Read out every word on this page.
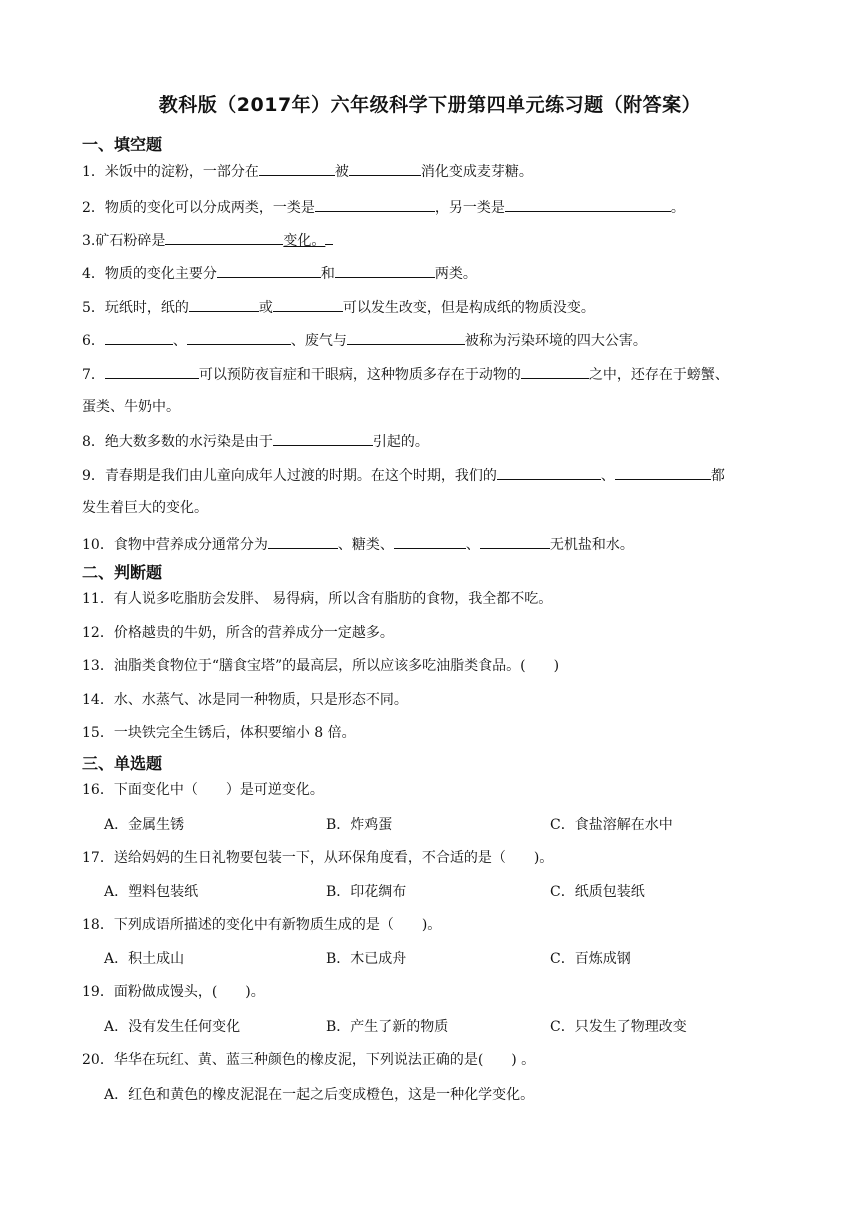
教科版（2017年）六年级科学下册第四单元练习题（附答案）
一、填空题
1．米饭中的淀粉，一部分在	被	消化变成麦芽糖。
2．物质的变化可以分成两类，一类是	，另一类是	。
3.矿石粉碎是	变化。
4．物质的变化主要分	和	两类。
5．玩纸时，纸的	或	可以发生改变，但是构成纸的物质没变。
6．	、	、废气与	被称为污染环境的四大公害。
7．	可以预防夜盲症和干眼病，这种物质多存在于动物的	之中，还存在于螃蟹、
蛋类、牛奶中。
8．绝大数多数的水污染是由于	引起的。
9．青春期是我们由儿童向成年人过渡的时期。在这个时期，我们的	、	都
发生着巨大的变化。
10．食物中营养成分通常分为	、糖类、	、	无机盐和水。
二、判断题
11．有人说多吃脂肪会发胖、 易得病，所以含有脂肪的食物，我全都不吃。
12．价格越贵的牛奶，所含的营养成分一定越多。
13．油脂类食物位于“膳食宝塔”的最高层，所以应该多吃油脂类食品。(　　)
14．水、水蒸气、冰是同一种物质，只是形态不同。
15．一块铁完全生锈后，体积要缩小 8 倍。
三、单选题
16．下面变化中（　　）是可逆变化。
A．金属生锈	B．炸鸡蛋	C．食盐溶解在水中
17．送给妈妈的生日礼物要包装一下，从环保角度看，不合适的是（　　)。
A．塑料包装纸	B．印花绸布	C．纸质包装纸
18．下列成语所描述的变化中有新物质生成的是（　　)。
A．积土成山	B．木已成舟	C．百炼成钢
19．面粉做成馒头，(　　)。
A．没有发生任何变化	B．产生了新的物质	C．只发生了物理改变
20．华华在玩红、黄、蓝三种颜色的橡皮泥，下列说法正确的是(　　) 。
A．红色和黄色的橡皮泥混在一起之后变成橙色，这是一种化学变化。
